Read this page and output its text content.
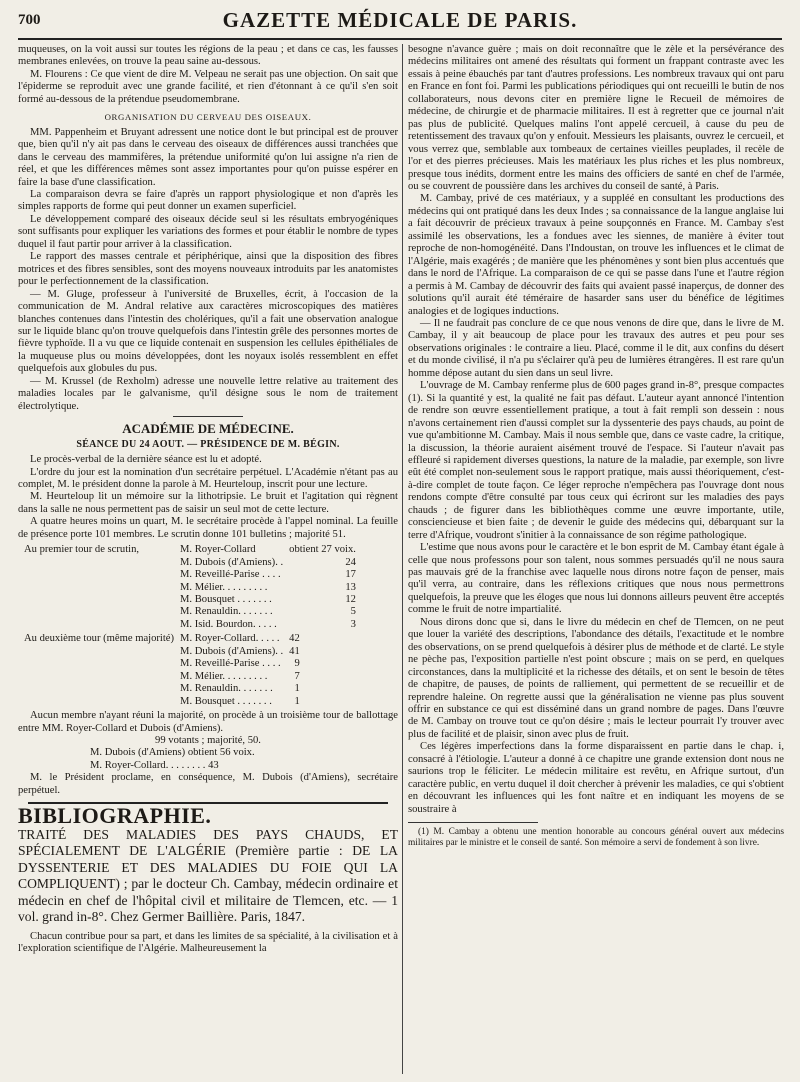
700	GAZETTE MÉDICALE DE PARIS.

muqueuses, on la voit aussi sur toutes les régions de la peau ; et dans ce cas, les fausses membranes enlevées, on trouve la peau saine au-dessous.

M. Flourens : Ce que vient de dire M. Velpeau ne serait pas une objection. On sait que l'épiderme se reproduit avec une grande facilité, et rien d'étonnant à ce qu'il s'en soit formé au-dessous de la prétendue pseudomembrane.

ORGANISATION DU CERVEAU DES OISEAUX.

MM. Pappenheim et Bruyant adressent une notice dont le but principal est de prouver que, bien qu'il n'y ait pas dans le cerveau des oiseaux de différences aussi tranchées que dans le cerveau des mammifères, la prétendue uniformité qu'on lui assigne n'a rien de réel, et que les différences mêmes sont assez importantes pour qu'on puisse espérer en faire la base d'une classification.

La comparaison devra se faire d'après un rapport physiologique et non d'après les simples rapports de forme qui peut donner un examen superficiel.

Le développement comparé des oiseaux décide seul si les résultats embryogéniques sont suffisants pour expliquer les variations des formes et pour établir le nombre de types duquel il faut partir pour arriver à la classification.

Le rapport des masses centrale et périphérique, ainsi que la disposition des fibres motrices et des fibres sensibles, sont des moyens nouveaux introduits par les anatomistes pour le perfectionnement de la classification.

— M. Gluge, professeur à l'université de Bruxelles, écrit, à l'occasion de la communication de M. Andral relative aux caractères microscopiques des matières blanches contenues dans l'intestin des cholériques, qu'il a fait une observation analogue sur le liquide blanc qu'on trouve quelquefois dans l'intestin grêle des personnes mortes de fièvre typhoïde. Il a vu que ce liquide contenait en suspension les cellules épithéliales de la muqueuse plus ou moins développées, dont les noyaux isolés ressemblent en effet quelquefois aux globules du pus.

— M. Krussel (de Rexholm) adresse une nouvelle lettre relative au traitement des maladies locales par le galvanisme, qu'il désigne sous le nom de traitement électrolytique.

ACADÉMIE DE MÉDECINE.
SÉANCE DU 24 AOUT. — PRÉSIDENCE DE M. BÉGIN.

Le procès-verbal de la dernière séance est lu et adopté.

L'ordre du jour est la nomination d'un secrétaire perpétuel. L'Académie n'étant pas au complet, M. le président donne la parole à M. Heurteloup, inscrit pour une lecture.

M. Heurteloup lit un mémoire sur la lithotripsie. Le bruit et l'agitation qui règnent dans la salle ne nous permettent pas de saisir un seul mot de cette lecture.

A quatre heures moins un quart, M. le secrétaire procède à l'appel nominal. La feuille de présence porte 101 membres. Le scrutin donne 101 bulletins ; majorité 51.

Au premier tour de scrutin,	M. Royer-Collard	obtient 27 voix.
	M. Dubois (d'Amiens). .	24
	M. Reveillé-Parise . . . .	17
	M. Mélier. . . . . . . . .	13
	M. Bousquet . . . . . . .	12
	M. Renauldin. . . . . . .	5
	M. Isid. Bourdon. . . . .	3
Au deuxième tour (même majorité)	M. Royer-Collard. . . . .	42
	M. Dubois (d'Amiens). .	41
	M. Reveillé-Parise . . . .	9
	M. Mélier. . . . . . . . .	7
	M. Renauldin. . . . . . .	1
	M. Bousquet . . . . . . .	1

Aucun membre n'ayant réuni la majorité, on procède à un troisième tour de ballottage entre MM. Royer-Collard et Dubois (d'Amiens).

99 votants ; majorité, 50.
M. Dubois (d'Amiens) obtient 56 voix.
M. Royer-Collard. . . . . . . . 43

M. le Président proclame, en conséquence, M. Dubois (d'Amiens), secrétaire perpétuel.

BIBLIOGRAPHIE.
TRAITÉ DES MALADIES DES PAYS CHAUDS, ET SPÉCIALEMENT DE L'ALGÉRIE (Première partie : DE LA DYSSENTERIE ET DES MALADIES DU FOIE QUI LA COMPLIQUENT) ; par le docteur Ch. Cambay, médecin ordinaire et médecin en chef de l'hôpital civil et militaire de Tlemcen, etc. — 1 vol. grand in-8°. Chez Germer Baillière. Paris, 1847.

Chacun contribue pour sa part, et dans les limites de sa spécialité, à la civilisation et à l'exploration scientifique de l'Algérie. Malheureusement la

besogne n'avance guère ; mais on doit reconnaître que le zèle et la persévérance des médecins militaires ont amené des résultats qui forment un frappant contraste avec les essais à peine ébauchés par tant d'autres professions. Les nombreux travaux qui ont paru en France en font foi. Parmi les publications périodiques qui ont recueilli le butin de nos collaborateurs, nous devons citer en première ligne le Recueil de mémoires de médecine, de chirurgie et de pharmacie militaires. Il est à regretter que ce journal n'ait pas plus de publicité. Quelques malins l'ont appelé cercueil, à cause du peu de retentissement des travaux qu'on y enfouit. Messieurs les plaisants, ouvrez le cercueil, et vous verrez que, semblable aux tombeaux de certaines vieilles peuplades, il recèle de l'or et des pierres précieuses. Mais les matériaux les plus riches et les plus nombreux, presque tous inédits, dorment entre les mains des officiers de santé en chef de l'armée, ou se couvrent de poussière dans les archives du conseil de santé, à Paris.

M. Cambay, privé de ces matériaux, y a suppléé en consultant les productions des médecins qui ont pratiqué dans les deux Indes ; sa connaissance de la langue anglaise lui a fait découvrir de précieux travaux à peine soupçonnés en France. M. Cambay s'est assimilé les observations, les a fondues avec les siennes, de manière à éviter tout reproche de non-homogénéité. Dans l'Indoustan, on trouve les influences et le climat de l'Algérie, mais exagérés ; de manière que les phénomènes y sont bien plus accentués que dans le nord de l'Afrique. La comparaison de ce qui se passe dans l'une et l'autre région a permis à M. Cambay de découvrir des faits qui avaient passé inaperçus, de donner des solutions qu'il aurait été téméraire de hasarder sans user du bénéfice de légitimes analogies et de logiques inductions.

— Il ne faudrait pas conclure de ce que nous venons de dire que, dans le livre de M. Cambay, il y ait beaucoup de place pour les travaux des autres et peu pour ses observations originales : le contraire a lieu. Placé, comme il le dit, aux confins du désert et du monde civilisé, il n'a pu s'éclairer qu'à peu de lumières étrangères. Il est rare qu'un homme dépose autant du sien dans un seul livre.

L'ouvrage de M. Cambay renferme plus de 600 pages grand in-8°, presque compactes (1). Si la quantité y est, la qualité ne fait pas défaut. L'auteur ayant annoncé l'intention de rendre son œuvre essentiellement pratique, a tout à fait rempli son dessein : nous n'avons certainement rien d'aussi complet sur la dyssenterie des pays chauds, au point de vue qu'ambitionne M. Cambay. Mais il nous semble que, dans ce vaste cadre, la critique, la discussion, la théorie auraient aisément trouvé de l'espace. Si l'auteur n'avait pas effleuré si rapidement diverses questions, la nature de la maladie, par exemple, son livre eût été complet non-seulement sous le rapport pratique, mais aussi théoriquement, c'est-à-dire complet de toute façon. Ce léger reproche n'empêchera pas l'ouvrage dont nous rendons compte d'être consulté par tous ceux qui écriront sur les maladies des pays chauds ; de figurer dans les bibliothèques comme une œuvre importante, utile, consciencieuse et bien faite ; de devenir le guide des médecins qui, débarquant sur la terre d'Afrique, voudront s'initier à la connaissance de son régime pathologique.

L'estime que nous avons pour le caractère et le bon esprit de M. Cambay étant égale à celle que nous professons pour son talent, nous sommes persuadés qu'il ne nous saura pas mauvais gré de la franchise avec laquelle nous dirons notre façon de penser, mais qu'il verra, au contraire, dans les réflexions critiques que nous nous permettrons quelquefois, la preuve que les éloges que nous lui donnons ailleurs peuvent être acceptés comme le fruit de notre impartialité.

Nous dirons donc que si, dans le livre du médecin en chef de Tlemcen, on ne peut que louer la variété des descriptions, l'abondance des détails, l'exactitude et le nombre des observations, on se prend quelquefois à désirer plus de méthode et de clarté. Le style ne pèche pas, l'exposition partielle n'est point obscure ; mais on se perd, en quelques circonstances, dans la multiplicité et la richesse des détails, et on sent le besoin de têtes de chapitre, de pauses, de points de ralliement, qui permettent de se recueillir et de reprendre haleine. On regrette aussi que la généralisation ne vienne pas plus souvent offrir en substance ce qui est disséminé dans un grand nombre de pages. Dans l'œuvre de M. Cambay on trouve tout ce qu'on désire ; mais le lecteur pourrait l'y trouver avec plus de facilité et de plaisir, sinon avec plus de fruit.

Ces légères imperfections dans la forme disparaissent en partie dans le chap. i, consacré à l'étiologie. L'auteur a donné à ce chapitre une grande extension dont nous ne saurions trop le féliciter. Le médecin militaire est revêtu, en Afrique surtout, d'un caractère public, en vertu duquel il doit chercher à prévenir les maladies, ce qui s'obtient en découvrant les influences qui les font naître et en indiquant les moyens de se soustraire à

(1) M. Cambay a obtenu une mention honorable au concours général ouvert aux médecins militaires par le ministre et le conseil de santé. Son mémoire a servi de fondement à son livre.
